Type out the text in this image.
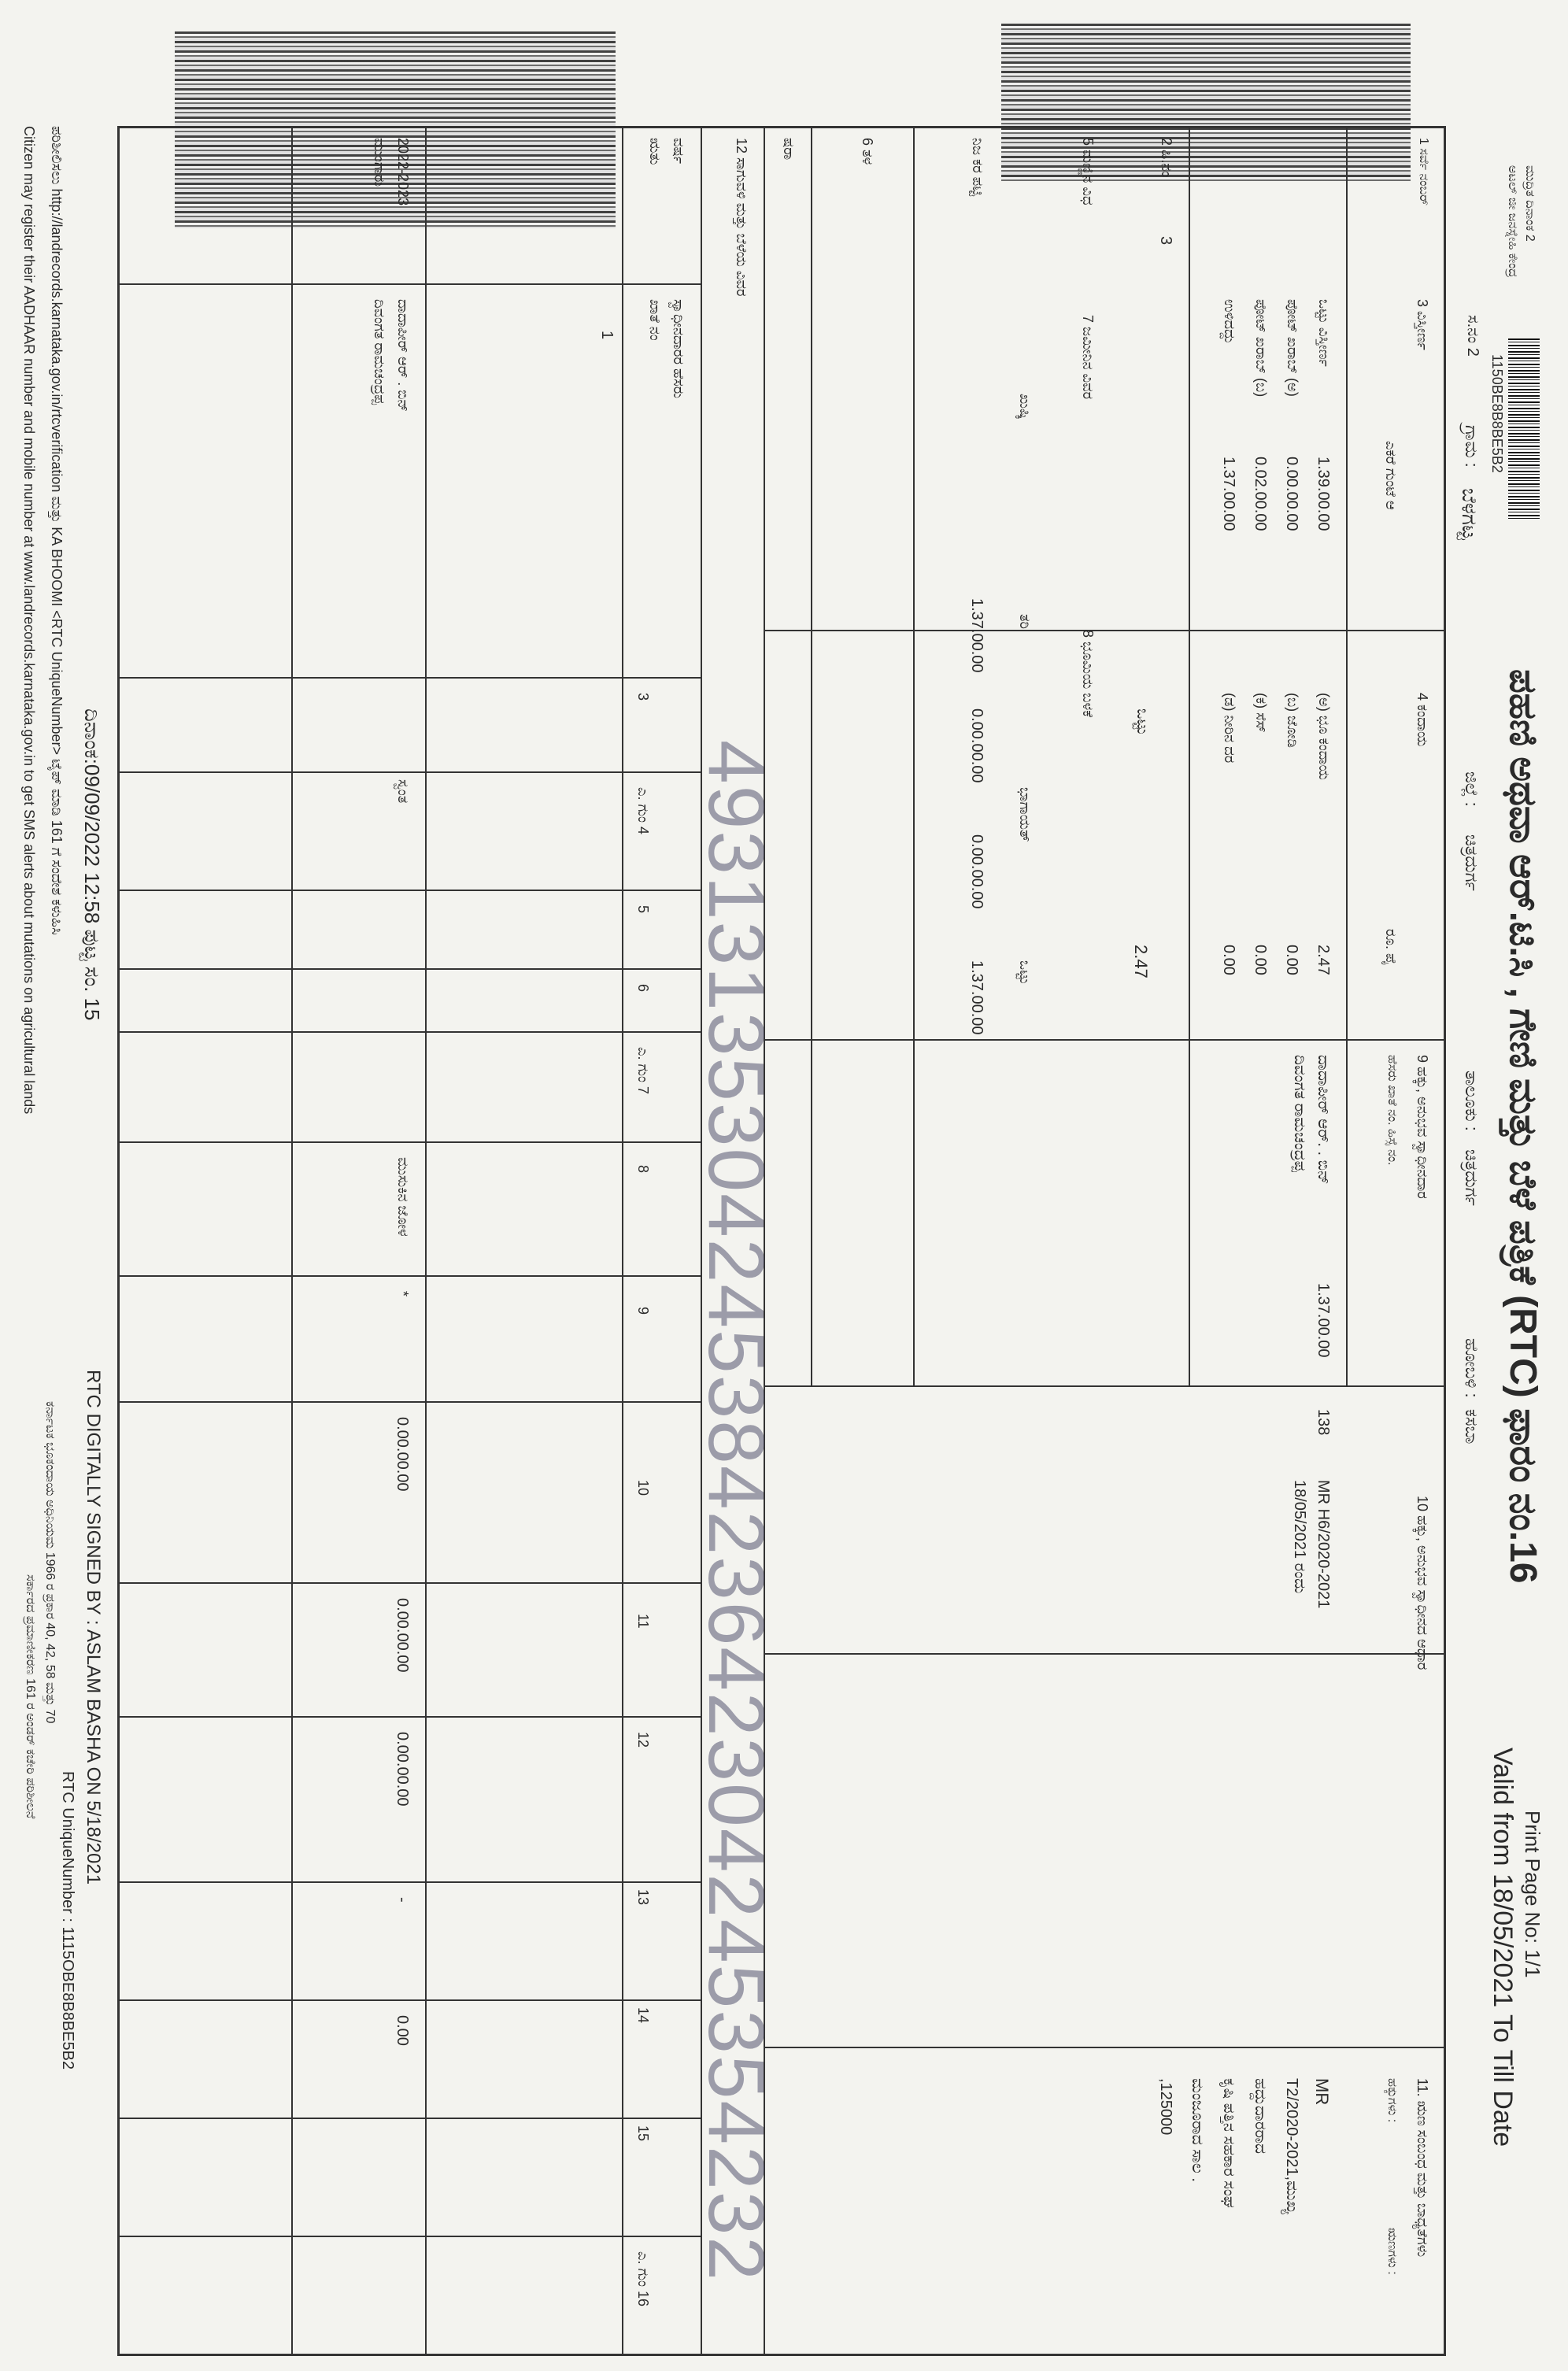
ಪಹಣಿ ಅಥವಾ ಆರ್.ಟಿ.ಸಿ , ಗೇಣಿ ಮತ್ತು ಬೆಳೆ ಪತ್ರಿಕೆ (RTC) ಫಾರಂ ನಂ.16
Print Page No: 1/1
Valid from 18/05/2021 To Till Date
ಜಿಲ್ಲೆ :
ಚಿತ್ರದುರ್ಗ
ತಾಲೂಕು :
ಚಿತ್ರದುರ್ಗ
ಹೋಬಳಿ :
ಕಸಬಾ
ಗ್ರಾಮ :
ಬೆಳಗಟ್ಟ
ಸ.ನಂ 2
1150BE8B8BE5B2
ಮುದ್ರಿತ ದಿನಾಂಕ 2
ಅಟಲ್ ಜೀ ಜನಸ್ನೇಹಿ ಕೇಂದ್ರ
1 ಸರ್ವೆ ನಂಬರ್
3 ವಿಸ್ತೀರ್ಣ
ಎಕರೆ ಗುಂಟೆ ಆ
ಒಟ್ಟು ವಿಸ್ತೀರ್ಣ
ಪೋಟ್ ಖರಾಬ್ (ಅ)
ಪೋಟ್ ಖರಾಬ್ (ಬ)
ಉಳಿದದ್ದು
1.39.00.00
0.00.00.00
0.02.00.00
1.37.00.00
4 ಕಂದಾಯ
ರೂ. ಪೈ
(ಅ) ಭೂ ಕಂದಾಯ
(ಬ) ಜೋಡಿ
(ಕ) ಸೆಸ್
(ಡ) ನೀರಿನ ದರ
2.47
0.00
0.00
0.00
ಒಟ್ಟು
2.47
2 ಹಿ.ನಂ
3
5 ಮಣ್ಣಿನ ವಿಧ
7 ಜಮೀನಿನ ವಿವರ
8 ಭೂಮಿಯ ಬಳಕೆ
ಖುಷ್ಕಿ
ತರಿ
ಭಾಗಾಯತ್
ಒಟ್ಟು
1.37.00.00
0.00.00.00
0.00.00.00
1.37.00.00
6 ತಳ	ನಿಜ ಕರ ಪಟ್ಟಿ
ಷರಾ
9 ಹಕ್ಕು, ಅನುಭವ ಸ್ವಾಧೀನದಾರ
ಹೆಸರು ಖಾತೆ ನಂ. ಹಿಸ್ಸೆ ನಂ.
ದಾದಾಪೀರ್ ಆರ್. . ಬಿನ್
ದಿವಂಗತ ರಾಮಚಂದ್ರಪ್ಪ
1.37.00.00
138
10 ಹಕ್ಕು, ಅನುಭವ ಸ್ವಾಧೀನದ ಆಧಾರ
MR H6/2020-2021
18/05/2021 ರಂದು
11. ಋಣ ಸಂಬಂಧ ಮತ್ತು ಬಾಧ್ಯತೆಗಳು
ಹಕ್ಕುಗಳು :
ಋಣಗಳು :
MR
T2/2020-2021,ಮುಖ್ಯ
ಹದ್ದುದಾರರಾದ
ಕೃಷಿ ಪತ್ತಿನ ಸಹಕಾರ ಸಂಘ
ಮಂಜೂರಾದ ಸಾಲ .
,125000
12 ಸಾಗುವಳಿ ಮತ್ತು ಬೆಳೆಯ ವಿವರ
ವರ್ಷ
ಋತು
ಸ್ವಾಧೀನದಾರರ ಹೆಸರು
ಖಾತೆ ನಂ
3
ಎ. ಗುಂ 4
5
6
ಎ. ಗುಂ 7
8
9
10
11
12
13
14
15
ಎ. ಗುಂ 16
1
2022-2023
ಮುಂಗಾರು
ದಾದಾಪೀರ್ ಆರ್ . ಬಿನ್
ದಿವಂಗತ ರಾಮಚಂದ್ರಪ್ಪ
ಸ್ವಂತ
ಮುಸುಕಿನ ಜೋಳ
*
0.00.00.00
0.00.00.00
0.00.00.00
-
0.00	4931313530424538423642304245354232
ದಿನಾಂಕ:09/09/2022 12:58 ಪುಟ್ಟ ಸಂ. 15
RTC DIGITALLY SIGNED BY : ASLAM BASHA ON 5/18/2021
RTC UniqueNumber : 1115OBE8B8BE5B2
ಕರ್ನಾಟಕ ಭೂಕಂದಾಯ ಅಧಿನಿಯಮ 1966 ರ ಪ್ರಕಾರ 40, 42, 58 ಮತ್ತು 70
ಸರ್ಕಾರದ ಪ್ರಮಾಣೀಕರಣ 161 ರ ಅಂಡರ್ ಕಚೇರಿ ಪರಿಶೀಲನೆ
ಪರಿಶೀಲಿಸಲು http://landrecords.karnataka.gov.in/rtcverification ಮತ್ತು KA BHOOMI <RTC UniqueNumber> ಟೈಪ್ ಮಾಡಿ 161 ಗೆ ಸಂದೇಶ ಕಳುಹಿಸಿ
Citizen may register their AADHAAR number and mobile number at www.landrecords.karnataka.gov.in to get SMS alerts about mutations on agricultural lands
